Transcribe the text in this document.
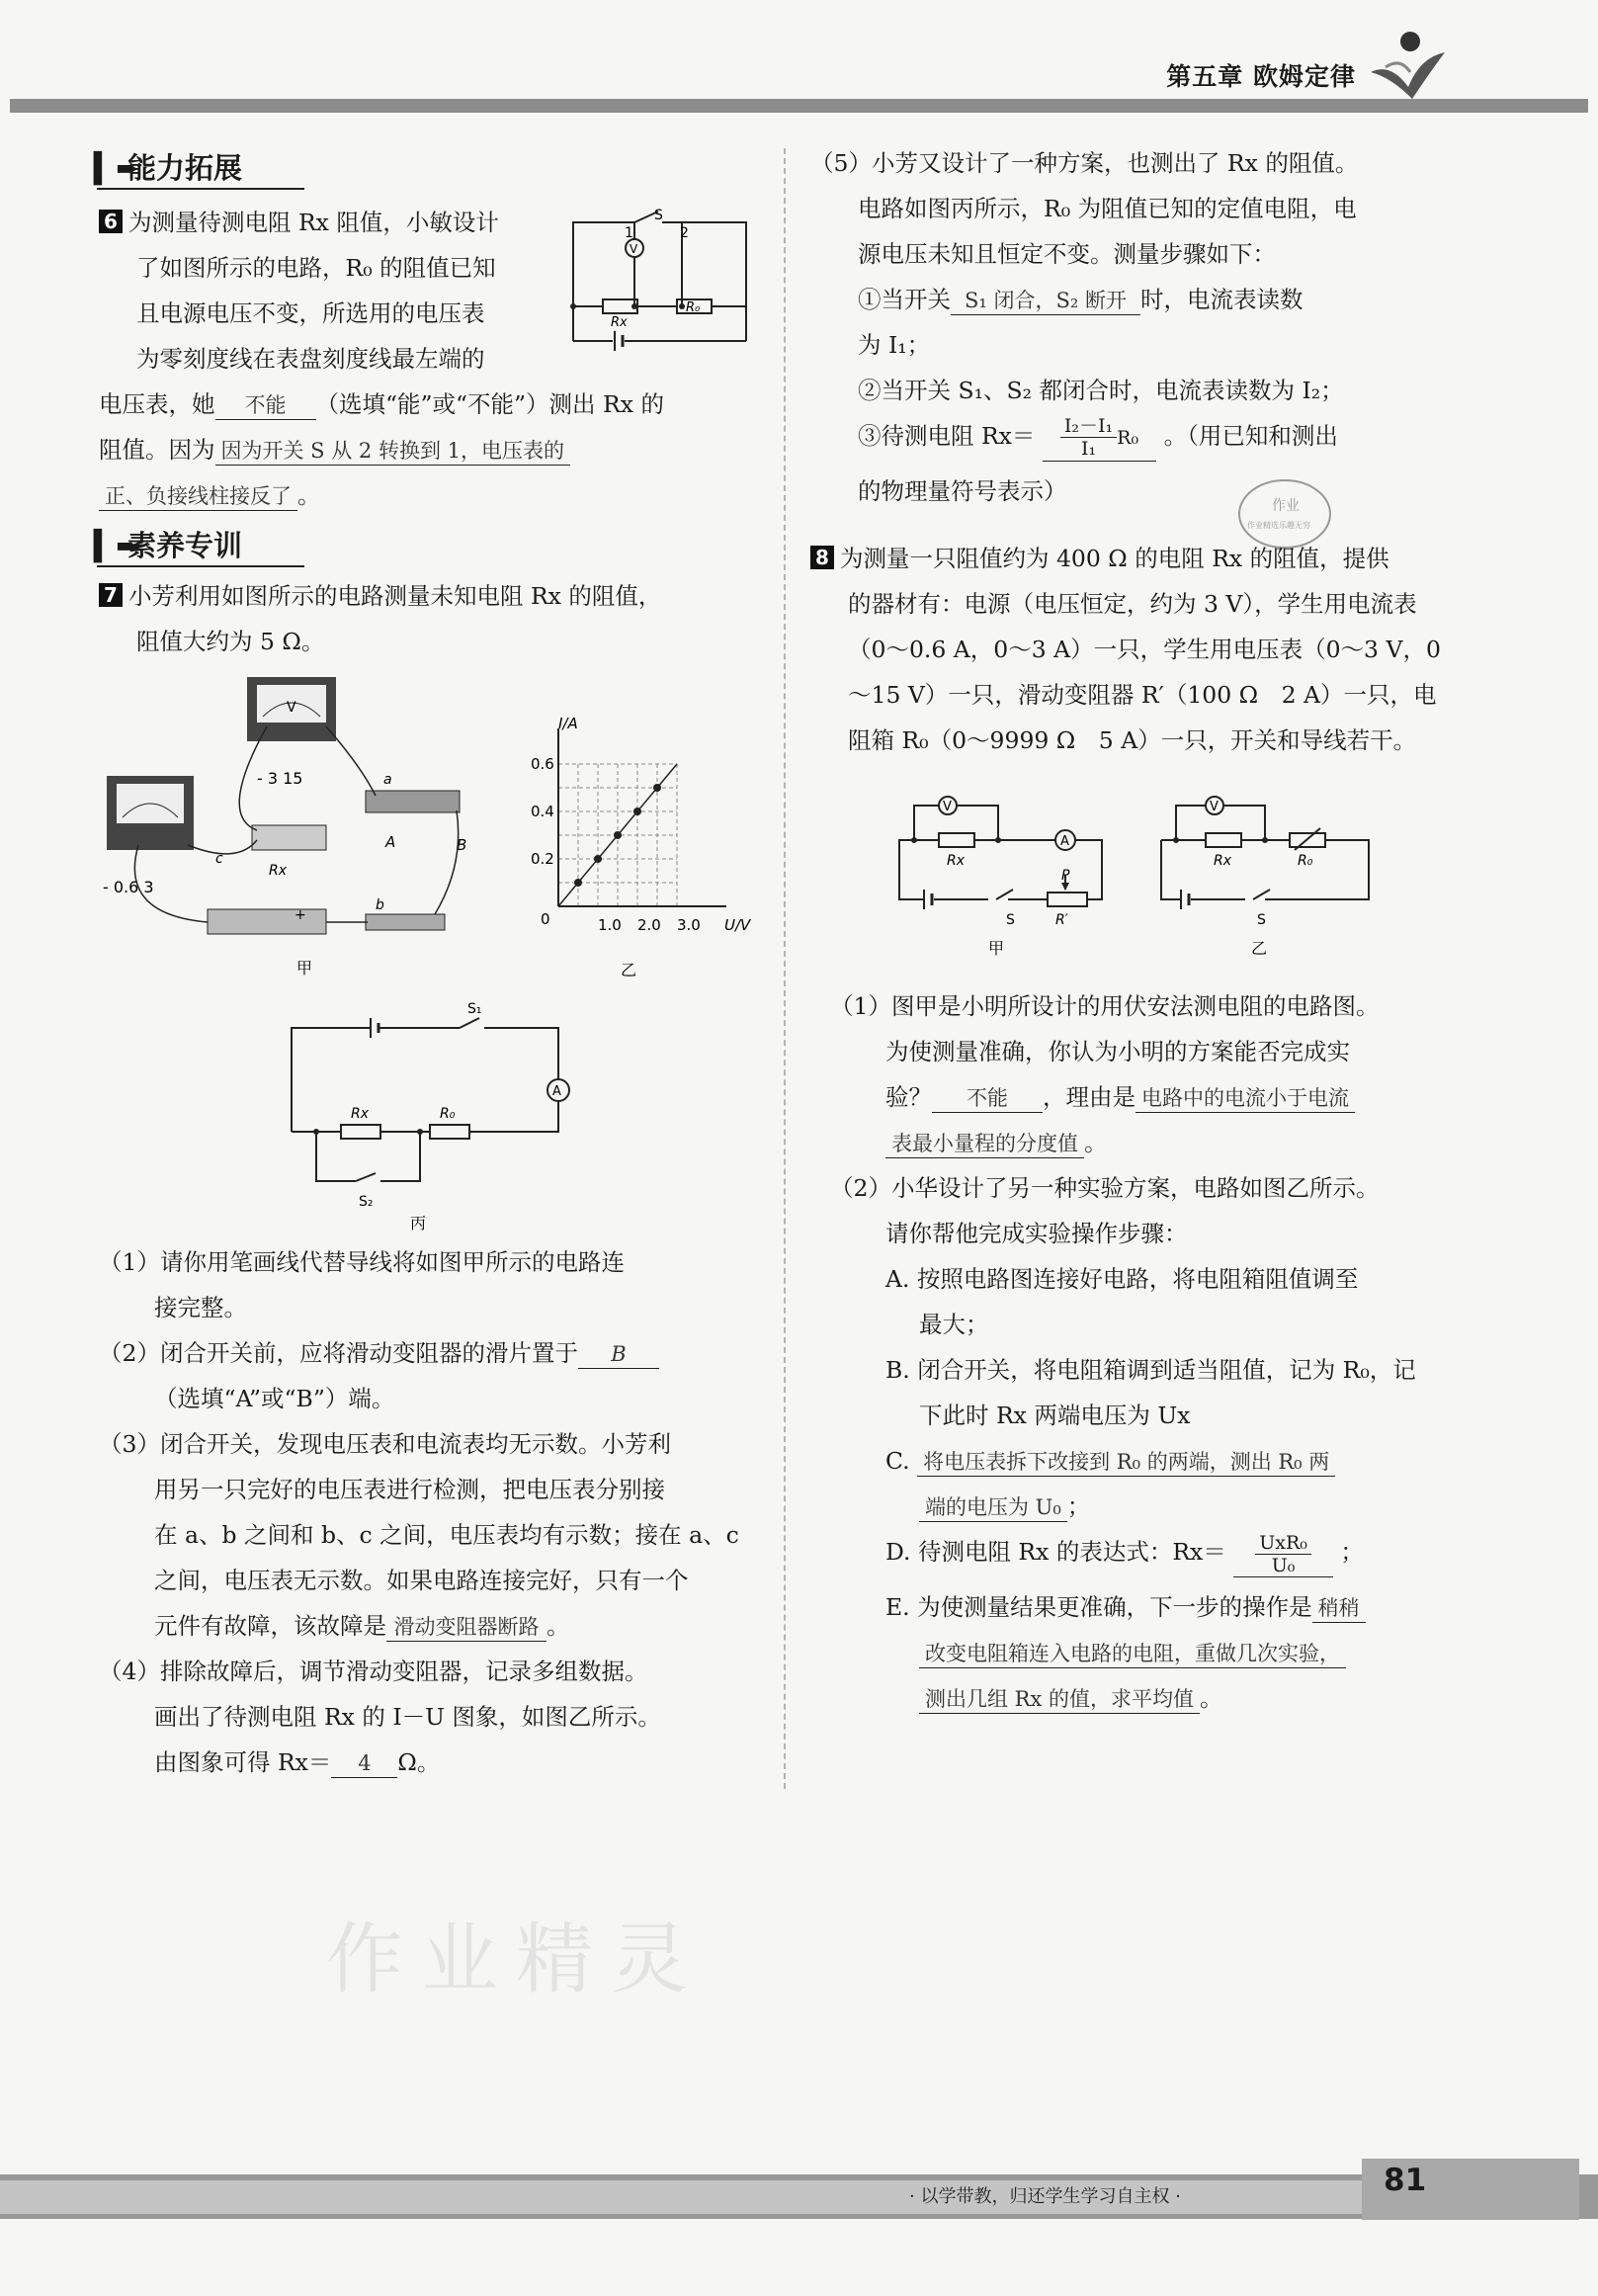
第五章 欧姆定律
▍➨能力拓展
6 为测量待测电阻 Rx 阻值，小敏设计
了如图所示的电路，R₀ 的阻值已知
且电源电压不变，所选用的电压表
为零刻度线在表盘刻度线最左端的
S
1	2
V
Rx
R₀
电压表，她 不能 （选填“能”或“不能”）测出 Rx 的
阻值。因为 因为开关 S 从 2 转换到 1，电压表的
正、负接线柱接反了 。
▍➨素养专训
7 小芳利用如图所示的电路测量未知电阻 Rx 的阻值，
阻值大约为 5 Ω。
V
- 3 15
- 0.6 3
Rx
a
A	B
c
+
b
甲
I/A
U/V
0.6
0.4
0.2
0	1.0 2.0 3.0
乙
S₁
A
Rx	R₀
S₂
丙
（1）请你用笔画线代替导线将如图甲所示的电路连
接完整。
（2）闭合开关前，应将滑动变阻器的滑片置于 B
（选填“A”或“B”）端。
（3）闭合开关，发现电压表和电流表均无示数。小芳利
用另一只完好的电压表进行检测，把电压表分别接
在 a、b 之间和 b、c 之间，电压表均有示数；接在 a、c
之间，电压表无示数。如果电路连接完好，只有一个
元件有故障，该故障是 滑动变阻器断路 。
（4）排除故障后，调节滑动变阻器，记录多组数据。
画出了待测电阻 Rx 的 I－U 图象，如图乙所示。
由图象可得 Rx＝ 4 Ω。
（5）小芳又设计了一种方案，也测出了 Rx 的阻值。
电路如图丙所示，R₀ 为阻值已知的定值电阻，电
源电压未知且恒定不变。测量步骤如下：
①当开关 S₁ 闭合，S₂ 断开 时，电流表读数
为 I₁；
②当开关 S₁、S₂ 都闭合时，电流表读数为 I₂；
③待测电阻 $Rx= \frac{\text{I₂－I₁}}{\text{I₁}} R_0$ 。（用已知和测出
的物理量符号表示）
作业
作业精选乐趣无穷
8 为测量一只阻值约为 400 Ω 的电阻 Rx 的阻值，提供
的器材有：电源（电压恒定，约为 3 V），学生用电流表
（0～0.6 A，0～3 A）一只，学生用电压表（0～3 V，0
～15 V）一只，滑动变阻器 R′（100 Ω　2 A）一只，电
阻箱 R₀（0～9999 Ω　5 A）一只，开关和导线若干。
V
A
Rx
S
P
R′
甲
V
Rx	R₀
S
乙
（1）图甲是小明所设计的用伏安法测电阻的电路图。
为使测量准确，你认为小明的方案能否完成实
验？ 不能 ，理由是 电路中的电流小于电流
表最小量程的分度值 。
（2）小华设计了另一种实验方案，电路如图乙所示。
请你帮他完成实验操作步骤：
A. 按照电路图连接好电路，将电阻箱阻值调至
最大；
B. 闭合开关，将电阻箱调到适当阻值，记为 R₀，记
下此时 Rx 两端电压为 Ux
C. 将电压表拆下改接到 R₀ 的两端，测出 R₀ 两
端的电压为 U₀ ；
D. 待测电阻 Rx 的表达式：$Rx= \frac{\text{UxR₀}}{\text{U₀}}$ ；
E. 为使测量结果更准确，下一步的操作是 稍稍
改变电阻箱连入电路的电阻，重做几次实验，
测出几组 Rx 的值，求平均值 。
作业精灵
· 以学带教，归还学生学习自主权 ·	81
